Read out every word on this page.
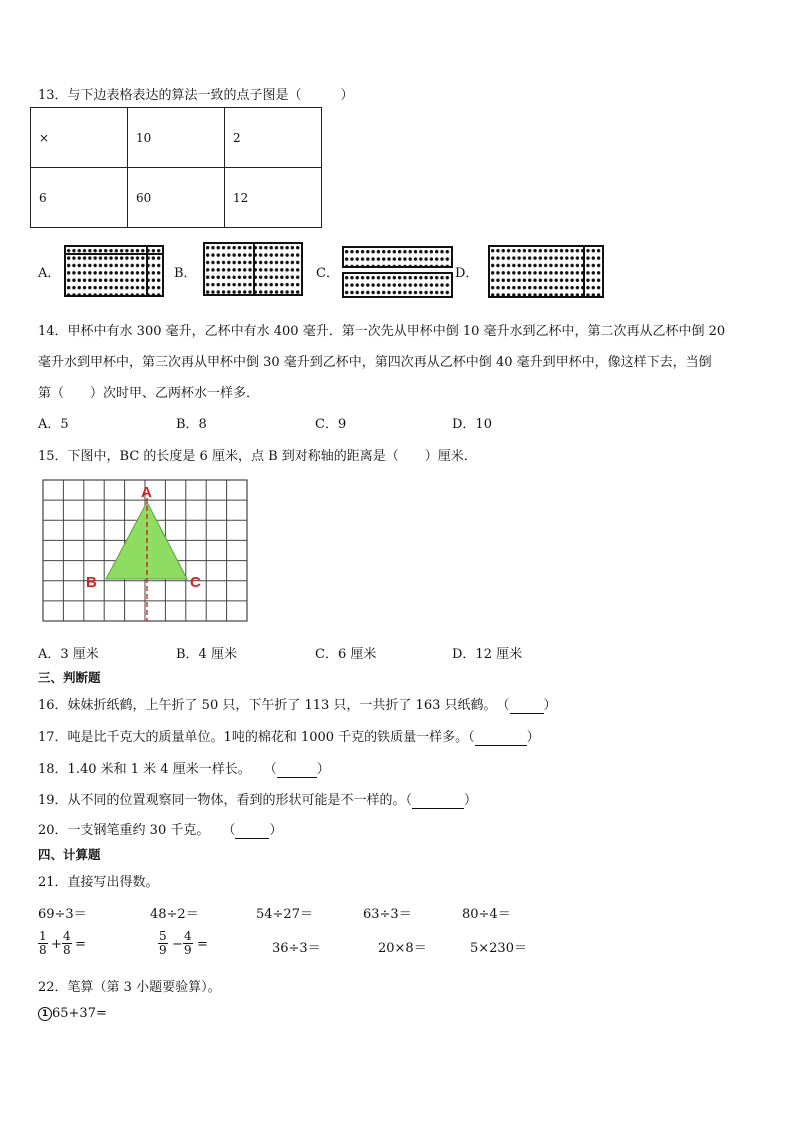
13．与下边表格表达的算法一致的点子图是（　　　）
×	10	2
6	60	12
A．	B．	C．	D．
14．甲杯中有水 300 毫升，乙杯中有水 400 毫升．第一次先从甲杯中倒 10 毫升水到乙杯中，第二次再从乙杯中倒 20
毫升水到甲杯中，第三次再从甲杯中倒 30 毫升到乙杯中，第四次再从乙杯中倒 40 毫升到甲杯中，像这样下去，当倒
第（　　）次时甲、乙两杯水一样多．
A．5	B．8	C．9	D．10
15．下图中，BC 的长度是 6 厘米，点 B 到对称轴的距离是（　　）厘米．
A
B	C
A．3 厘米	B．4 厘米	C．6 厘米	D．12 厘米
三、判断题
16．妹妹折纸鹤，上午折了 50 只，下午折了 113 只，一共折了 163 只纸鹤。　（	）
17．吨是比千克大的质量单位。1吨的棉花和 1000 千克的铁质量一样多。（	）
18．1.40 米和 1 米 4 厘米一样长。　　（	）
19．从不同的位置观察同一物体，看到的形状可能是不一样的。（	）
20．一支钢笔重约 30 千克。　　（	）
四、计算题
21．直接写出得数。
69÷3＝	48÷2＝	54÷27＝	63÷3＝	80÷4＝
$\frac{1}{8} + \frac{4}{8}$ =	$\frac{5}{9} - \frac{4}{9}$ =	36÷3＝	20×8＝	5×230＝
22．笔算（第 3 小题要验算）。
1 65+37=
